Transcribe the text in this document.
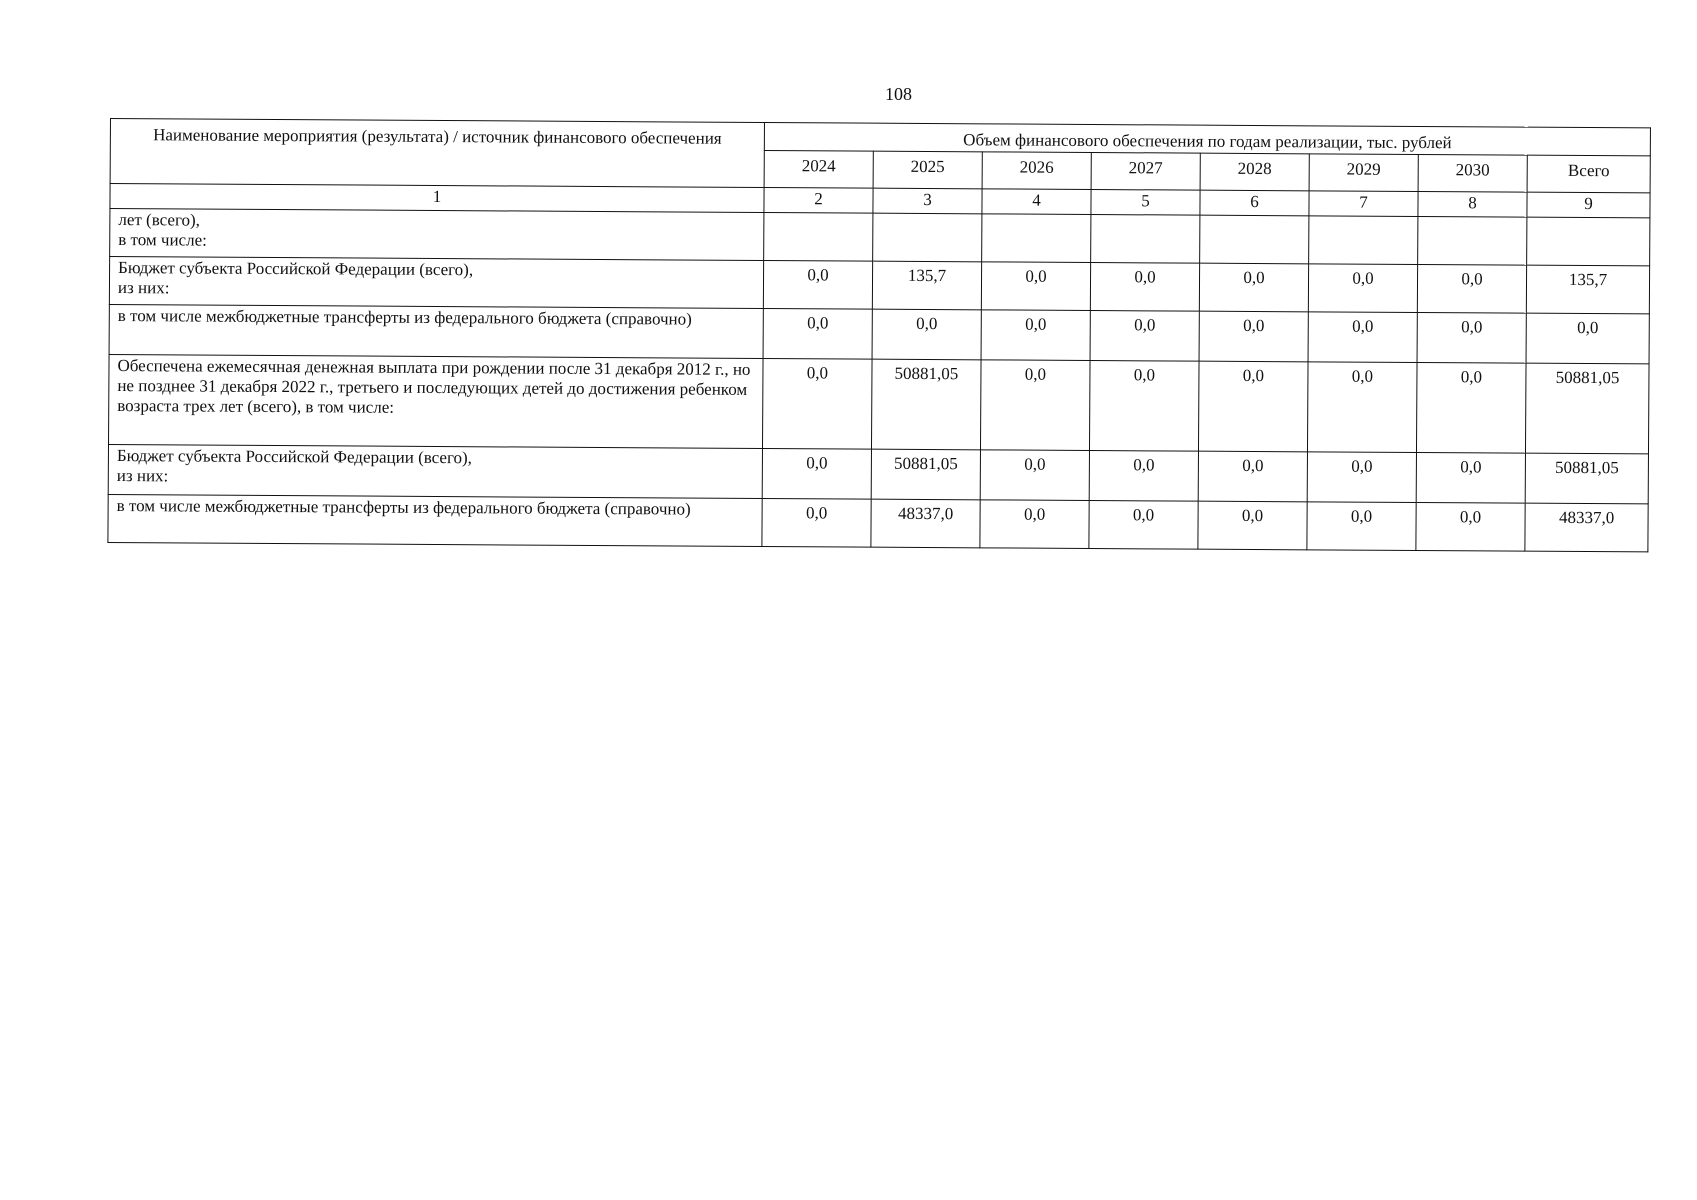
108
Наименование мероприятия (результата) / источник финансового обеспечения	Объем финансового обеспечения по годам реализации, тыс. рублей							
	2024	2025	2026	2027	2028	2029	2030	Всего
1	2	3	4	5	6	7	8	9
лет (всего),
в том числе:								
Бюджет субъекта Российской Федерации (всего),
из них:	0,0	135,7	0,0	0,0	0,0	0,0	0,0	135,7
в том числе межбюджетные трансферты из федерального бюджета (справочно)	0,0	0,0	0,0	0,0	0,0	0,0	0,0	0,0
Обеспечена ежемесячная денежная выплата при рождении после 31 декабря 2012 г., но не позднее 31 декабря 2022 г., третьего и последующих детей до достижения ребенком возраста трех лет (всего), в том числе:	0,0	50881,05	0,0	0,0	0,0	0,0	0,0	50881,05
Бюджет субъекта Российской Федерации (всего),
из них:	0,0	50881,05	0,0	0,0	0,0	0,0	0,0	50881,05
в том числе межбюджетные трансферты из федерального бюджета (справочно)	0,0	48337,0	0,0	0,0	0,0	0,0	0,0	48337,0
